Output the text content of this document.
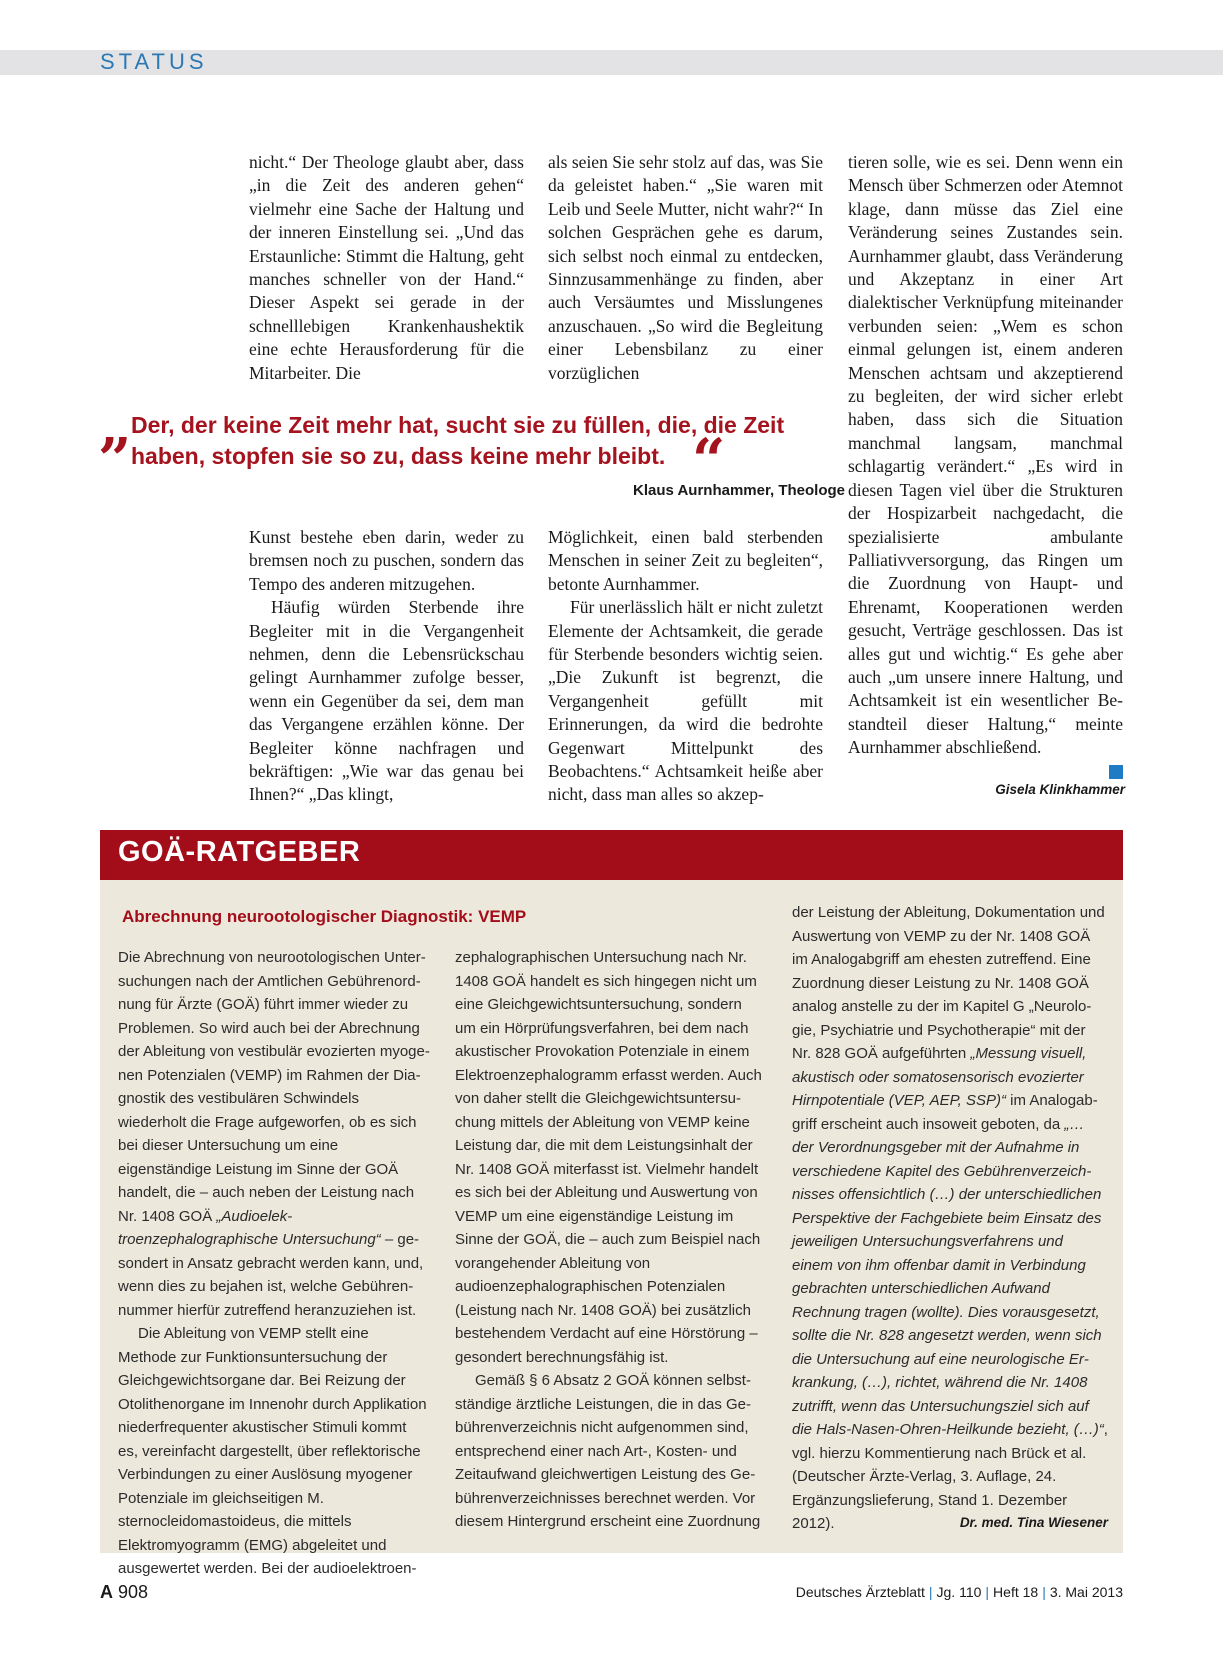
STATUS

nicht.“ Der Theologe glaubt aber, dass „in die Zeit des anderen gehen“ vielmehr eine Sache der Haltung und der inneren Einstellung sei. „Und das Erstaunliche: Stimmt die Haltung, geht manches schneller von der Hand.“ Dieser Aspekt sei gerade in der schnelllebigen Krankenhaushektik eine echte Herausforderung für die Mitarbeiter. Die

als seien Sie sehr stolz auf das, was Sie da geleistet haben.“ „Sie waren mit Leib und Seele Mutter, nicht wahr?“ In solchen Gesprächen gehe es darum, sich selbst noch einmal zu entdecken, Sinnzusammenhänge zu finden, aber auch Versäumtes und Misslungenes anzuschauen. „So wird die Begleitung einer Lebensbilanz zu einer vorzüglichen

tieren solle, wie es sei. Denn wenn ein Mensch über Schmerzen oder Atemnot klage, dann müsse das Ziel eine Veränderung seines Zustandes sein. Aurnhammer glaubt, dass Veränderung und Akzeptanz in einer Art dialektischer Verknüpfung miteinander verbunden seien: „Wem es schon einmal gelungen ist, einem anderen Menschen achtsam und akzeptierend zu begleiten, der wird sicher erlebt haben, dass sich die Situation manchmal langsam, manchmal schlagartig verändert.“ „Es wird in diesen Tagen viel über die Strukturen der Hospizarbeit nachgedacht, die spezialisierte ambulante Palliativversorgung, das Ringen um die Zuordnung von Haupt- und Ehrenamt, Kooperationen werden gesucht, Verträge geschlossen. Das ist alles gut und wichtig.“ Es gehe aber auch „um unsere innere Haltung, und Achtsamkeit ist ein wesentlicher Bestandteil dieser Haltung,“ meinte Aurnhammer abschließend.

„
Der, der keine Zeit mehr hat, sucht sie zu füllen, die, die Zeit haben, stopfen sie so zu, dass keine mehr bleibt. “
Klaus Aurnhammer, Theologe

Kunst bestehe eben darin, weder zu bremsen noch zu puschen, sondern das Tempo des anderen mitzugehen.

Häufig würden Sterbende ihre Begleiter mit in die Vergangenheit nehmen, denn die Lebensrückschau gelingt Aurnhammer zufolge besser, wenn ein Gegenüber da sei, dem man das Vergangene erzählen könne. Der Begleiter könne nachfragen und bekräftigen: „Wie war das genau bei Ihnen?“ „Das klingt,

Möglichkeit, einen bald sterbenden Menschen in seiner Zeit zu begleiten“, betonte Aurnhammer.

Für unerlässlich hält er nicht zuletzt Elemente der Achtsamkeit, die gerade für Sterbende besonders wichtig seien. „Die Zukunft ist begrenzt, die Vergangenheit gefüllt mit Erinnerungen, da wird die bedrohte Gegenwart Mittelpunkt des Beobachtens.“ Achtsamkeit heiße aber nicht, dass man alles so akzep-	Gisela Klinkhammer
GOÄ-RATGEBER
Abrechnung neurootologischer Diagnostik: VEMP

Die Abrechnung von neurootologischen Untersuchungen nach der Amtlichen Gebührenordnung für Ärzte (GOÄ) führt immer wieder zu Problemen. So wird auch bei der Abrechnung der Ableitung von vestibulär evozierten myogenen Potenzialen (VEMP) im Rahmen der Diagnostik des vestibulären Schwindels wiederholt die Frage aufgeworfen, ob es sich bei dieser Untersuchung um eine eigenständige Leistung im Sinne der GOÄ handelt, die – auch neben der Leistung nach Nr. 1408 GOÄ „Audioelektroenzephalographische Untersuchung“ – gesondert in Ansatz gebracht werden kann, und, wenn dies zu bejahen ist, welche Gebührennummer hierfür zutreffend heranzuziehen ist.

Die Ableitung von VEMP stellt eine Methode zur Funktionsuntersuchung der Gleichgewichtsorgane dar. Bei Reizung der Otolithenorgane im Innenohr durch Applikation niederfrequenter akustischer Stimuli kommt es, vereinfacht dargestellt, über reflektorische Verbindungen zu einer Auslösung myogener Potenziale im gleichseitigen M. sternocleidomastoideus, die mittels Elektromyogramm (EMG) abgeleitet und ausgewertet werden. Bei der audioelektroen-

zephalographischen Untersuchung nach Nr. 1408 GOÄ handelt es sich hingegen nicht um eine Gleichgewichtsuntersuchung, sondern um ein Hörprüfungsverfahren, bei dem nach akustischer Provokation Potenziale in einem Elektroenzephalogramm erfasst werden. Auch von daher stellt die Gleichgewichtsuntersuchung mittels der Ableitung von VEMP keine Leistung dar, die mit dem Leistungsinhalt der Nr. 1408 GOÄ miterfasst ist. Vielmehr handelt es sich bei der Ableitung und Auswertung von VEMP um eine eigenständige Leistung im Sinne der GOÄ, die – auch zum Beispiel nach vorangehender Ableitung von audioenzephalographischen Potenzialen (Leistung nach Nr. 1408 GOÄ) bei zusätzlich bestehendem Verdacht auf eine Hörstörung – gesondert berechnungsfähig ist.

Gemäß § 6 Absatz 2 GOÄ können selbstständige ärztliche Leistungen, die in das Gebührenverzeichnis nicht aufgenommen sind, entsprechend einer nach Art-, Kosten- und Zeitaufwand gleichwertigen Leistung des Gebührenverzeichnisses berechnet werden. Vor diesem Hintergrund erscheint eine Zuordnung

der Leistung der Ableitung, Dokumentation und Auswertung von VEMP zu der Nr. 1408 GOÄ im Analogabgriff am ehesten zutreffend. Eine Zuordnung dieser Leistung zu Nr. 1408 GOÄ analog anstelle zu der im Kapitel G „Neurologie, Psychiatrie und Psychotherapie“ mit der Nr. 828 GOÄ aufgeführten „Messung visuell, akustisch oder somatosensorisch evozierter Hirnpotentiale (VEP, AEP, SSP)“ im Analogabgriff erscheint auch insoweit geboten, da „… der Verordnungsgeber mit der Aufnahme in verschiedene Kapitel des Gebührenverzeichnisses offensichtlich (…) der unterschiedlichen Perspektive der Fachgebiete beim Einsatz des jeweiligen Untersuchungsverfahrens und einem von ihm offenbar damit in Verbindung gebrachten unterschiedlichen Aufwand Rechnung tragen (wollte). Dies vorausgesetzt, sollte die Nr. 828 angesetzt werden, wenn sich die Untersuchung auf eine neurologische Erkrankung, (…), richtet, während die Nr. 1408 zutrifft, wenn das Untersuchungsziel sich auf die Hals-Nasen-Ohren-Heilkunde bezieht, (…)“, vgl. hierzu Kommentierung nach Brück et al. (Deutscher Ärzte-Verlag, 3. Auflage, 24. Ergänzungslieferung, Stand 1. Dezember 2012).	Dr. med. Tina Wiesener
A 908	Deutsches Ärzteblatt | Jg. 110 | Heft 18 | 3. Mai 2013
